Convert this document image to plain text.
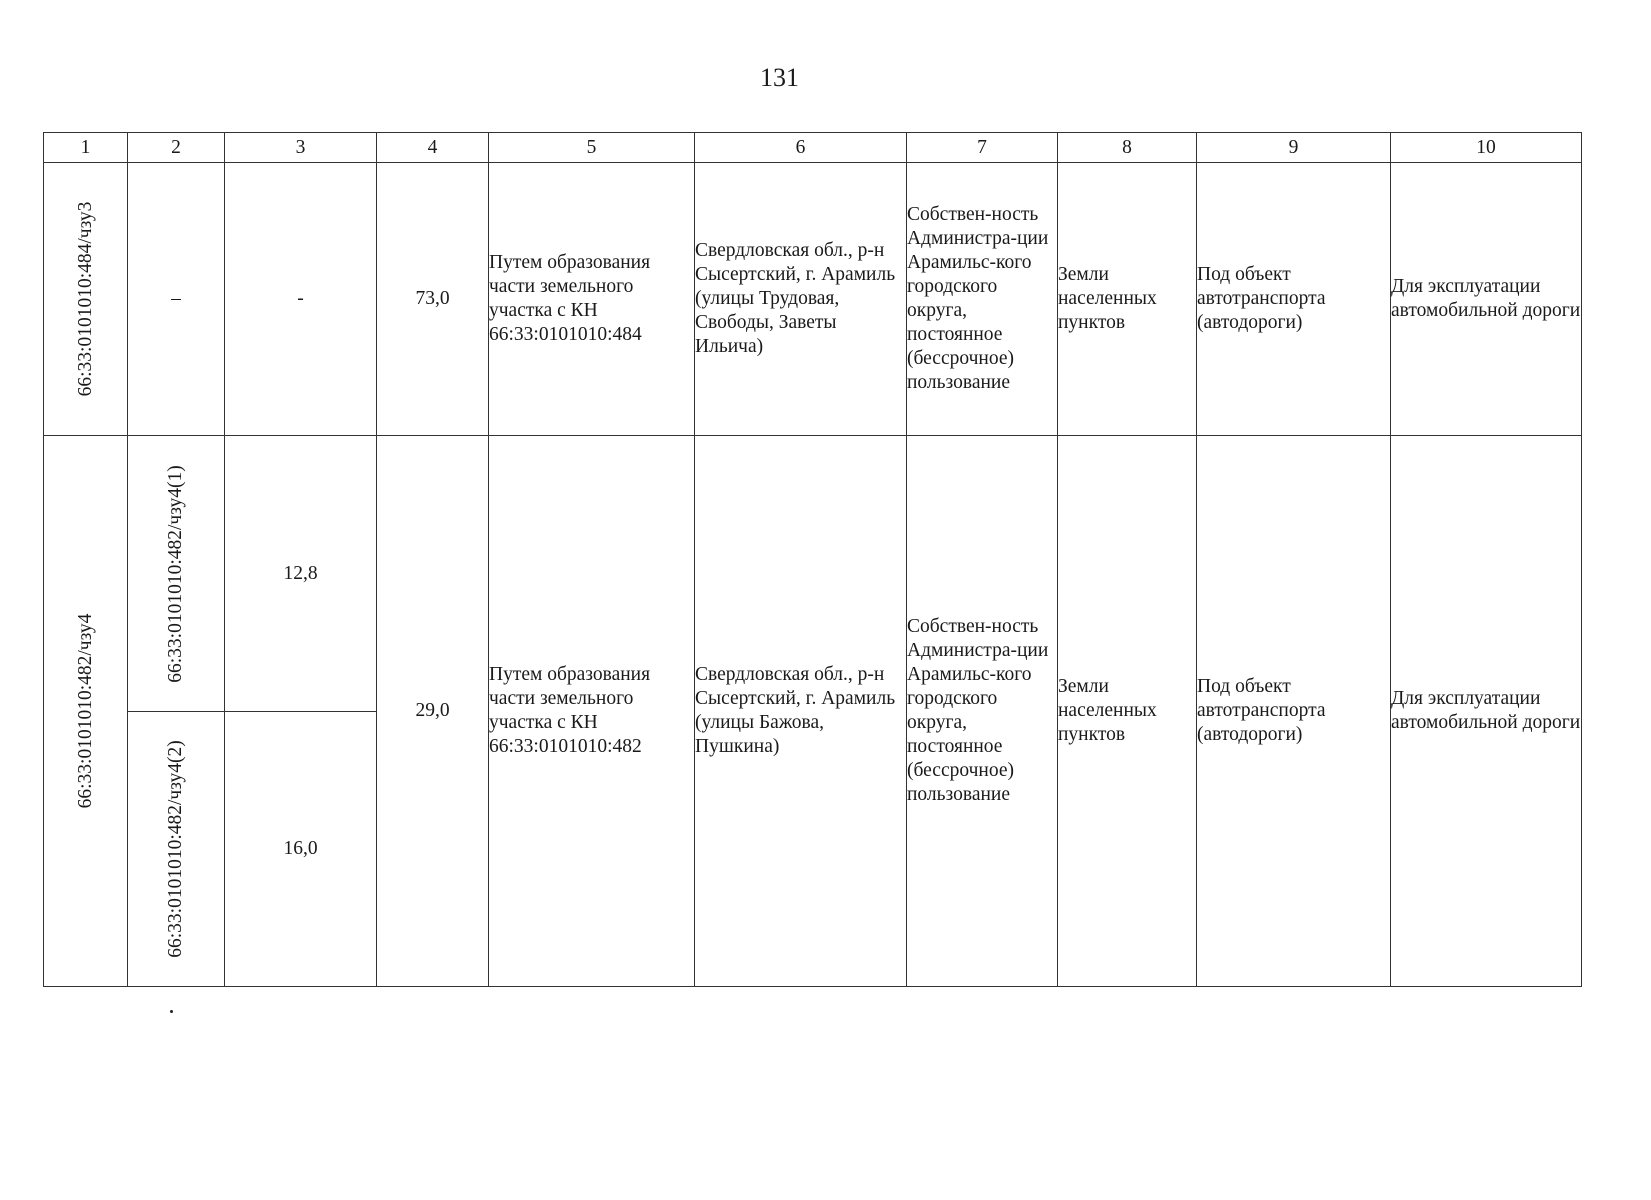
131
1	2	3	4	5	6	7	8	9	10

66:33:0101010:484/чзу3	–	-	73,0	Путем образования части земельного участка с КН 66:33:0101010:484	Свердловская обл., р-н Сысертский, г. Арамиль (улицы Трудовая, Свободы, Заветы Ильича)	Собствен-ность Администра-ции Арамильс-кого городского округа, постоянное (бессрочное) пользование	Земли населенных пунктов	Под объект автотранспорта (автодороги)	Для эксплуатации автомобильной дороги

66:33:0101010:482/чзу4	66:33:0101010:482/чзу4(1)	12,8	29,0	Путем образования части земельного участка с КН 66:33:0101010:482	Свердловская обл., р-н Сысертский, г. Арамиль (улицы Бажова, Пушкина)	Собствен-ность Администра-ции Арамильс-кого городского округа, постоянное (бессрочное) пользование	Земли населенных пунктов	Под объект автотранспорта (автодороги)	Для эксплуатации автомобильной дороги

	66:33:0101010:482/чзу4(2)	16,0							
